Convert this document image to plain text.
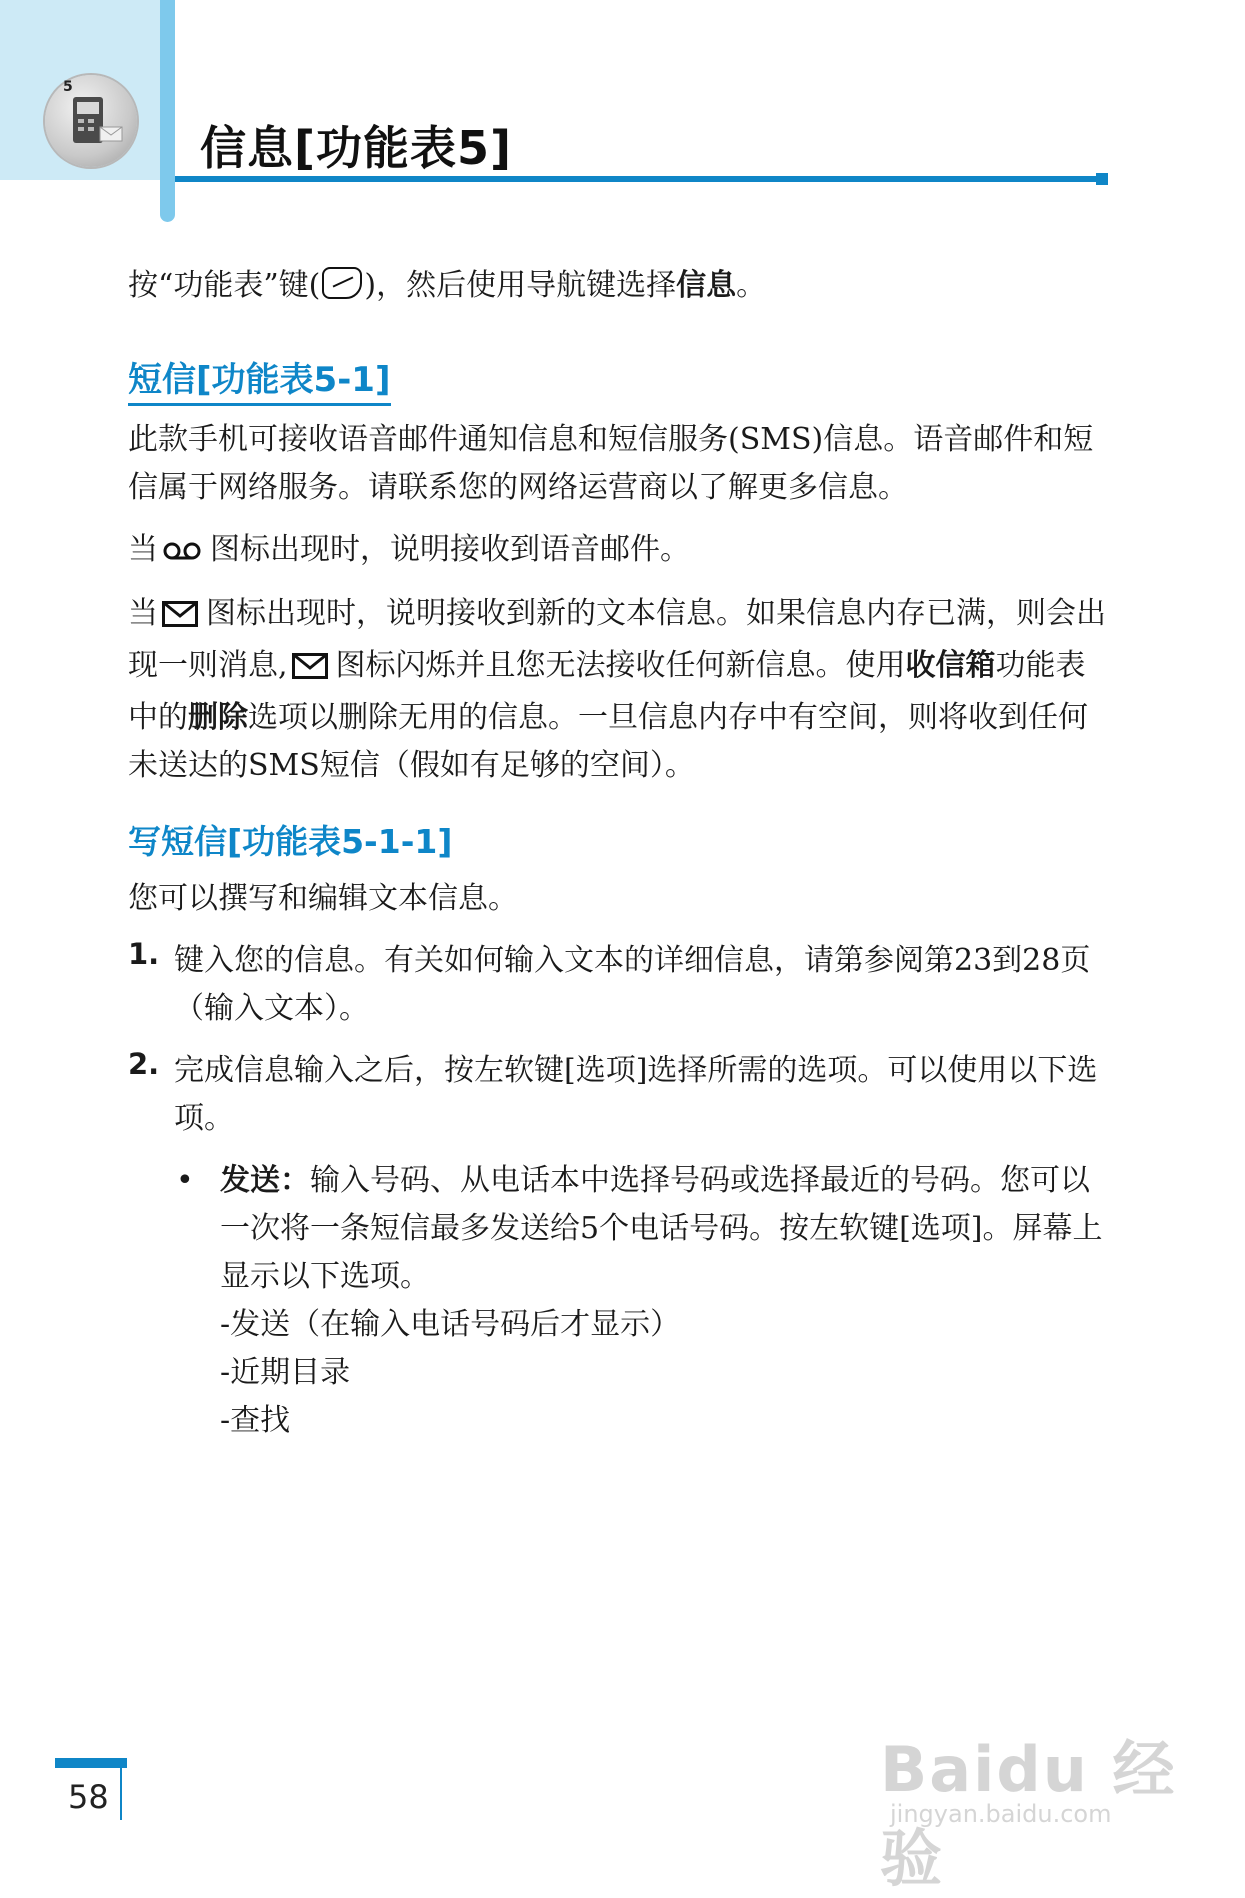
5
信息[功能表5]

按“功能表”键( )，然后使用导航键选择信息。

短信[功能表5-1]

此款手机可接收语音邮件通知信息和短信服务(SMS)信息。语音邮件和短信属于网络服务。请联系您的网络运营商以了解更多信息。

当 图标出现时，说明接收到语音邮件。

当 图标出现时，说明接收到新的文本信息。如果信息内存已满，则会出现一则消息, 图标闪烁并且您无法接收任何新信息。使用收信箱功能表中的删除选项以删除无用的信息。一旦信息内存中有空间，则将收到任何未送达的SMS短信（假如有足够的空间）。

写短信[功能表5-1-1]

您可以撰写和编辑文本信息。

1. 键入您的信息。有关如何输入文本的详细信息，请第参阅第23到28页（输入文本）。
2. 完成信息输入之后，按左软键[选项]选择所需的选项。可以使用以下选项。
• 发送：输入号码、从电话本中选择号码或选择最近的号码。您可以一次将一条短信最多发送给5个电话号码。按左软键[选项]。屏幕上显示以下选项。
-发送（在输入电话号码后才显示）
-近期目录
-查找
58	Baidu 经验
jingyan.baidu.com
